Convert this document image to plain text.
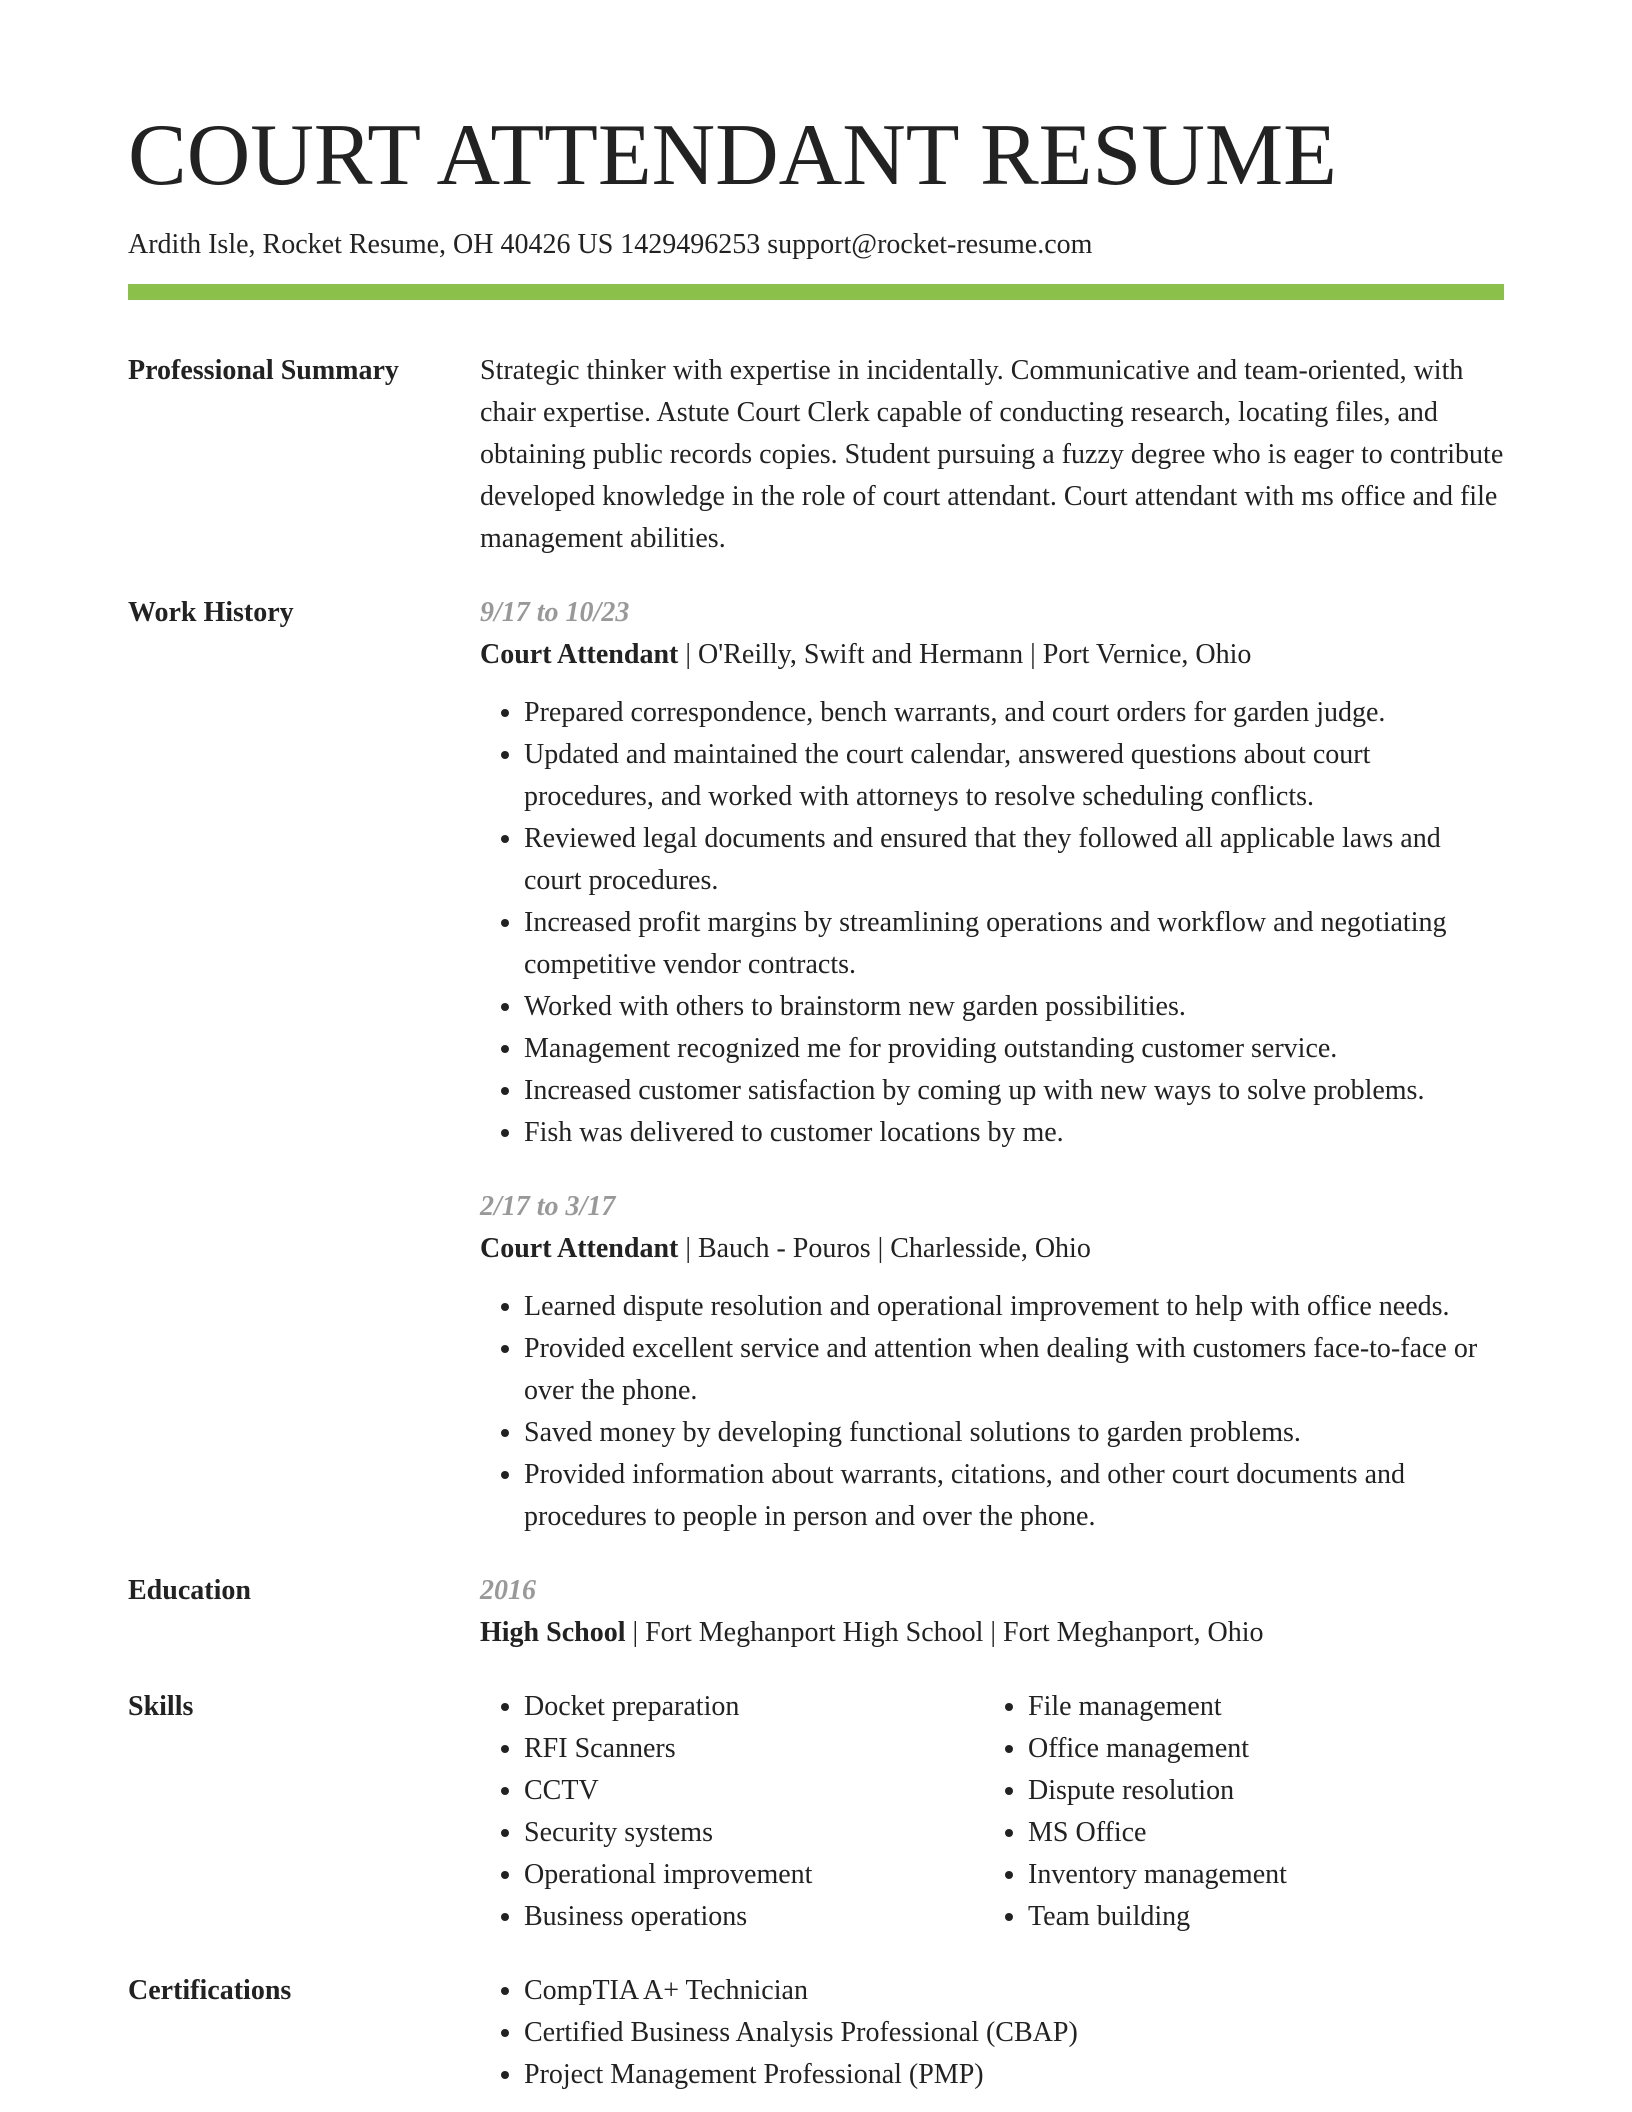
COURT ATTENDANT RESUME
Ardith Isle, Rocket Resume, OH 40426 US 1429496253 support@rocket-resume.com
Professional Summary	Strategic thinker with expertise in incidentally. Communicative and team-oriented, with chair expertise. Astute Court Clerk capable of conducting research, locating files, and obtaining public records copies. Student pursuing a fuzzy degree who is eager to contribute developed knowledge in the role of court attendant. Court attendant with ms office and file management abilities.
Work History	9/17 to 10/23
Court Attendant | O'Reilly, Swift and Hermann | Port Vernice, Ohio
• Prepared correspondence, bench warrants, and court orders for garden judge.
• Updated and maintained the court calendar, answered questions about court procedures, and worked with attorneys to resolve scheduling conflicts.
• Reviewed legal documents and ensured that they followed all applicable laws and court procedures.
• Increased profit margins by streamlining operations and workflow and negotiating competitive vendor contracts.
• Worked with others to brainstorm new garden possibilities.
• Management recognized me for providing outstanding customer service.
• Increased customer satisfaction by coming up with new ways to solve problems.
• Fish was delivered to customer locations by me.
2/17 to 3/17
Court Attendant | Bauch - Pouros | Charlesside, Ohio
• Learned dispute resolution and operational improvement to help with office needs.
• Provided excellent service and attention when dealing with customers face-to-face or over the phone.
• Saved money by developing functional solutions to garden problems.
• Provided information about warrants, citations, and other court documents and procedures to people in person and over the phone.
Education	2016
High School | Fort Meghanport High School | Fort Meghanport, Ohio
Skills	• Docket preparation
• RFI Scanners
• CCTV
• Security systems
• Operational improvement
• Business operations
• File management
• Office management
• Dispute resolution
• MS Office
• Inventory management
• Team building
Certifications	• CompTIA A+ Technician
• Certified Business Analysis Professional (CBAP)
• Project Management Professional (PMP)
